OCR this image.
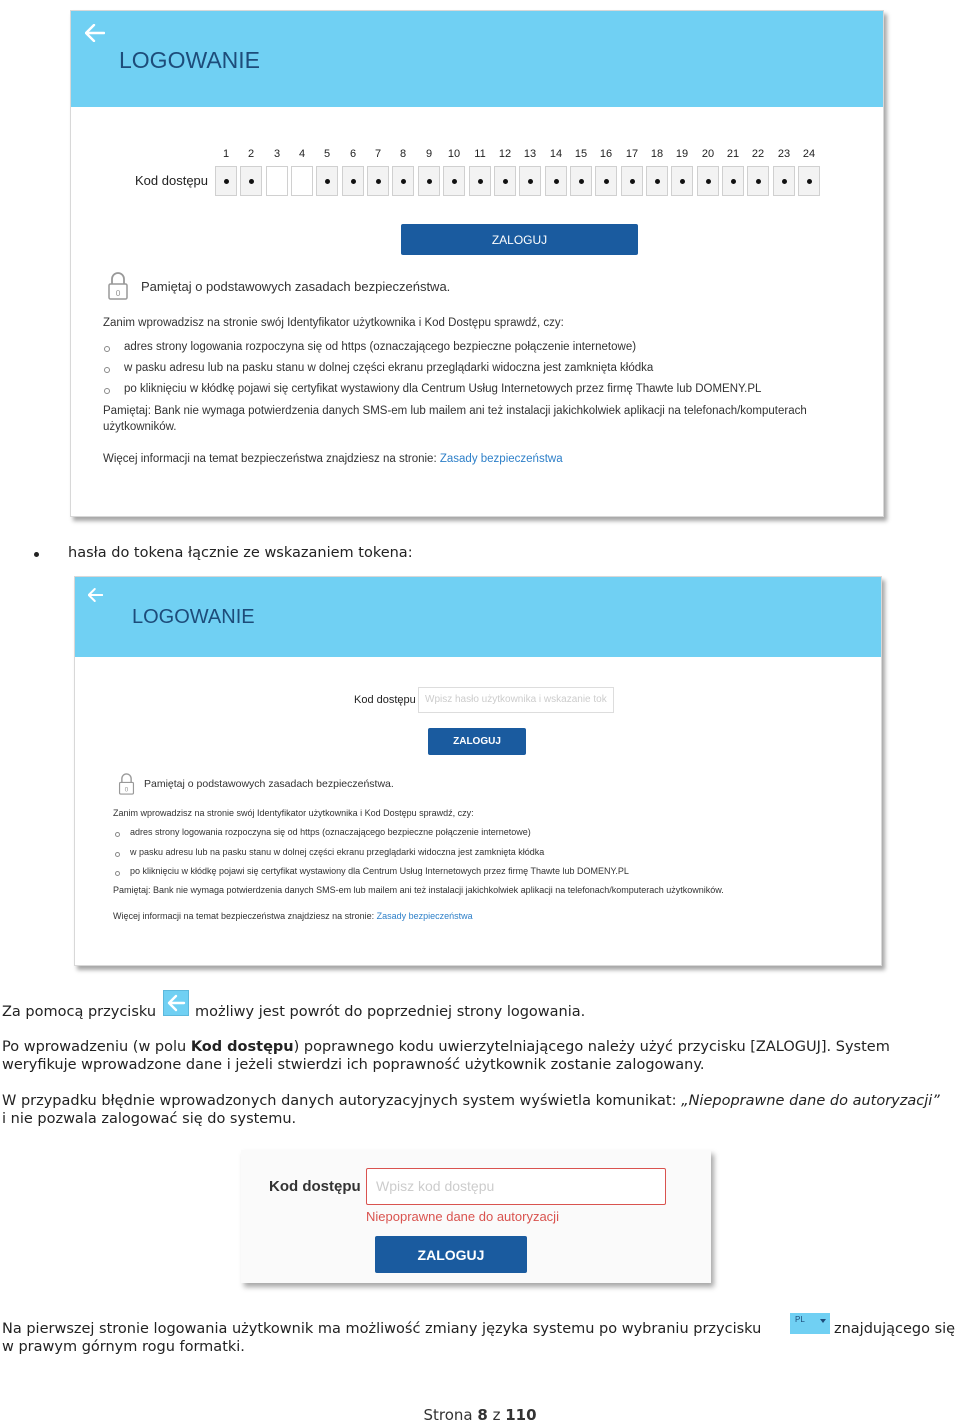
LOGOWANIE
Kod dostępu
1	2	3	4	5	6	7	8	9	10	11	12	13	14	15	16	17	18	19	20	21	22	23	24
ZALOGUJ
0 Pamiętaj o podstawowych zasadach bezpieczeństwa.
Zanim wprowadzisz na stronie swój Identyfikator użytkownika i Kod Dostępu sprawdź, czy:
adres strony logowania rozpoczyna się od https (oznaczającego bezpieczne połączenie internetowe)
w pasku adresu lub na pasku stanu w dolnej części ekranu przeglądarki widoczna jest zamknięta kłódka
po kliknięciu w kłódkę pojawi się certyfikat wystawiony dla Centrum Usług Internetowych przez firmę Thawte lub DOMENY.PL
Pamiętaj: Bank nie wymaga potwierdzenia danych SMS-em lub mailem ani też instalacji jakichkolwiek aplikacji na telefonach/komputerach
użytkowników.
Więcej informacji na temat bezpieczeństwa znajdziesz na stronie: Zasady bezpieczeństwa
hasła do tokena łącznie ze wskazaniem tokena:
LOGOWANIE
Kod dostępu Wpisz hasło użytkownika i wskazanie tok
ZALOGUJ
0
Pamiętaj o podstawowych zasadach bezpieczeństwa.
Zanim wprowadzisz na stronie swój Identyfikator użytkownika i Kod Dostępu sprawdź, czy:
adres strony logowania rozpoczyna się od https (oznaczającego bezpieczne połączenie internetowe)
w pasku adresu lub na pasku stanu w dolnej części ekranu przeglądarki widoczna jest zamknięta kłódka
po kliknięciu w kłódkę pojawi się certyfikat wystawiony dla Centrum Usług Internetowych przez firmę Thawte lub DOMENY.PL
Pamiętaj: Bank nie wymaga potwierdzenia danych SMS-em lub mailem ani też instalacji jakichkolwiek aplikacji na telefonach/komputerach użytkowników.
Więcej informacji na temat bezpieczeństwa znajdziesz na stronie: Zasady bezpieczeństwa
Za pomocą przycisku	możliwy jest powrót do poprzedniej strony logowania.
Po wprowadzeniu (w polu Kod dostępu) poprawnego kodu uwierzytelniającego należy użyć przycisku [ZALOGUJ]. System
weryfikuje wprowadzone dane i jeżeli stwierdzi ich poprawność użytkownik zostanie zalogowany.
W przypadku błędnie wprowadzonych danych autoryzacyjnych system wyświetla komunikat: „Niepoprawne dane do autoryzacji”
i nie pozwala zalogować się do systemu.
Kod dostępu Wpisz kod dostępu
Niepoprawne dane do autoryzacji
ZALOGUJ
Na pierwszej stronie logowania użytkownik ma możliwość zmiany języka systemu po wybraniu przycisku
PL
znajdującego się
w prawym górnym rogu formatki.
Strona 8 z 110
